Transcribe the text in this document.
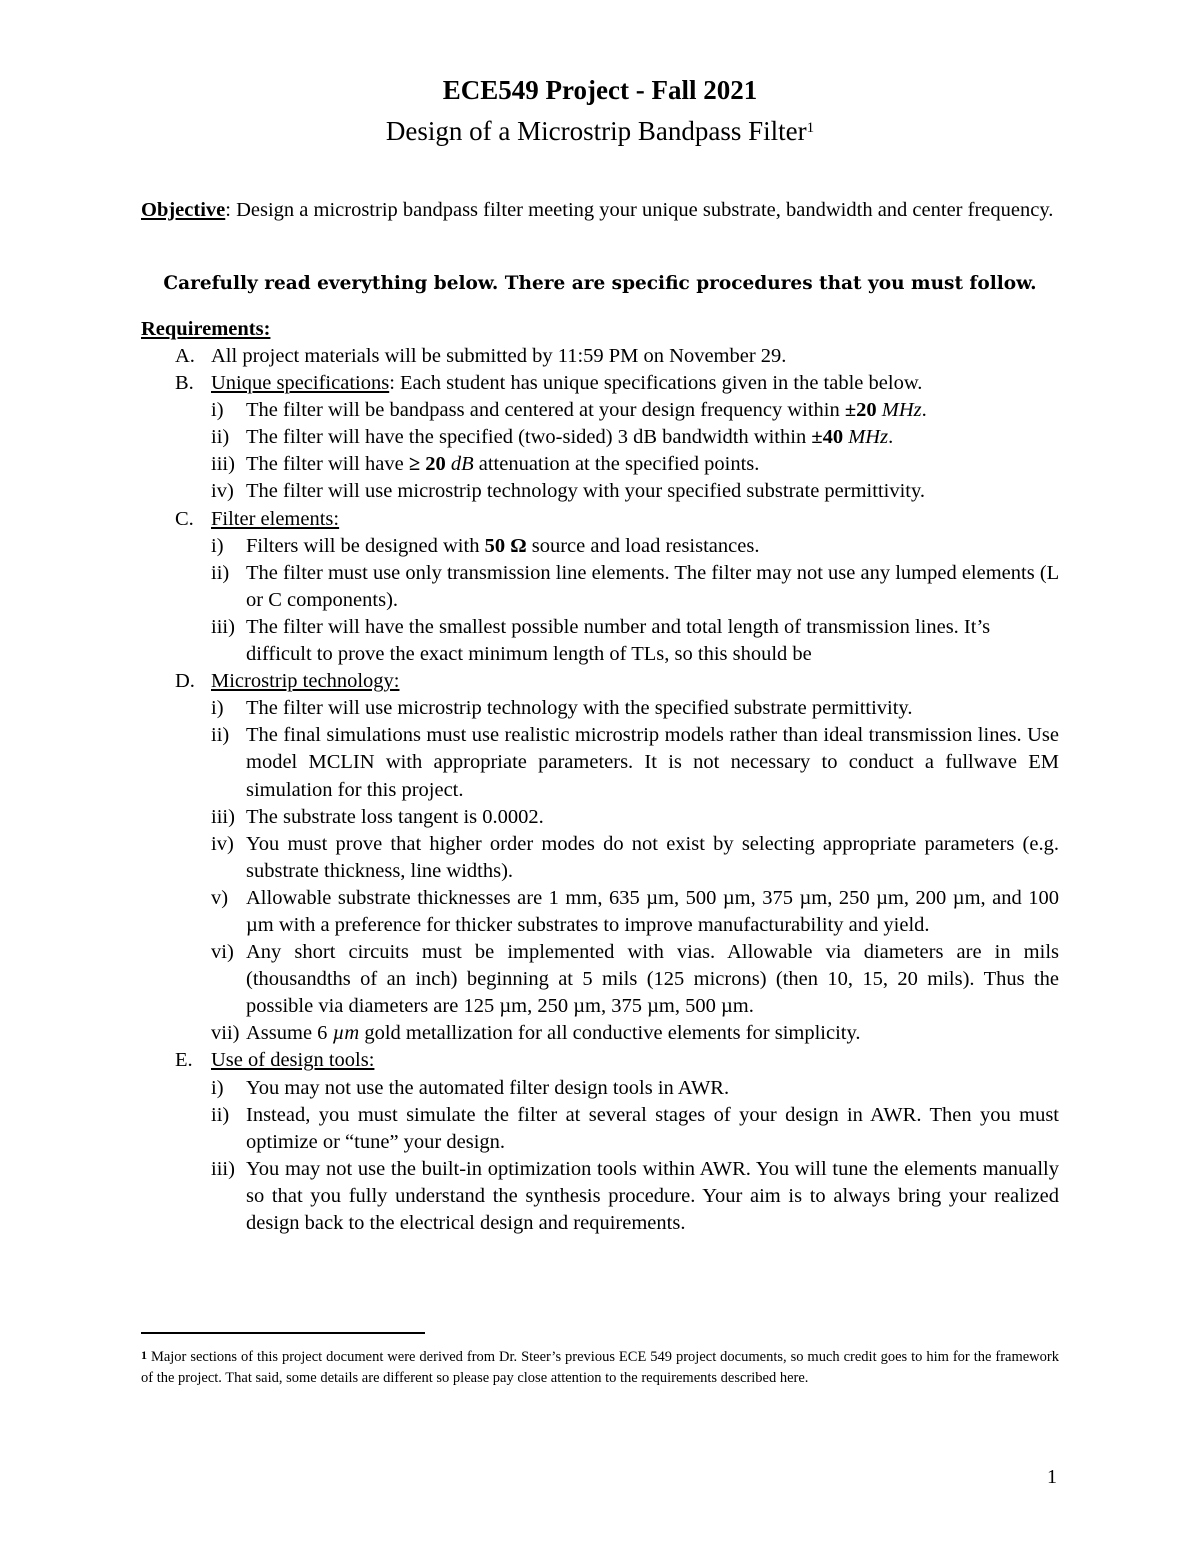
ECE549 Project - Fall 2021
Design of a Microstrip Bandpass Filter$^1$
Objective: Design a microstrip bandpass filter meeting your unique substrate, bandwidth and center frequency.
Carefully read everything below. There are specific procedures that you must follow.
Requirements:
A. All project materials will be submitted by 11:59 PM on November 29.
B. Unique specifications: Each student has unique specifications given in the table below.
i) The filter will be bandpass and centered at your design frequency within ±20 MHz.
ii) The filter will have the specified (two-sided) 3 dB bandwidth within ±40 MHz.
iii) The filter will have ≥ 20 dB attenuation at the specified points.
iv) The filter will use microstrip technology with your specified substrate permittivity.
C. Filter elements:
i) Filters will be designed with 50 Ω source and load resistances.
ii) The filter must use only transmission line elements. The filter may not use any lumped elements (L or C components).
iii) The filter will have the smallest possible number and total length of transmission lines. It’s difficult to prove the exact minimum length of TLs, so this should be
D. Microstrip technology:
i) The filter will use microstrip technology with the specified substrate permittivity.
ii) The final simulations must use realistic microstrip models rather than ideal transmission lines. Use model MCLIN with appropriate parameters. It is not necessary to conduct a fullwave EM simulation for this project.
iii) The substrate loss tangent is 0.0002.
iv) You must prove that higher order modes do not exist by selecting appropriate parameters (e.g. substrate thickness, line widths).
v) Allowable substrate thicknesses are 1 mm, 635 µm, 500 µm, 375 µm, 250 µm, 200 µm, and 100 µm with a preference for thicker substrates to improve manufacturability and yield.
vi) Any short circuits must be implemented with vias. Allowable via diameters are in mils (thousandths of an inch) beginning at 5 mils (125 microns) (then 10, 15, 20 mils). Thus the possible via diameters are 125 µm, 250 µm, 375 µm, 500 µm.
vii) Assume 6 µm gold metallization for all conductive elements for simplicity.
E. Use of design tools:
i) You may not use the automated filter design tools in AWR.
ii) Instead, you must simulate the filter at several stages of your design in AWR. Then you must optimize or “tune” your design.
iii) You may not use the built-in optimization tools within AWR. You will tune the elements manually so that you fully understand the synthesis procedure. Your aim is to always bring your realized design back to the electrical design and requirements.
$^1$ Major sections of this project document were derived from Dr. Steer’s previous ECE 549 project documents, so much credit goes to him for the framework of the project. That said, some details are different so please pay close attention to the requirements described here.
1
